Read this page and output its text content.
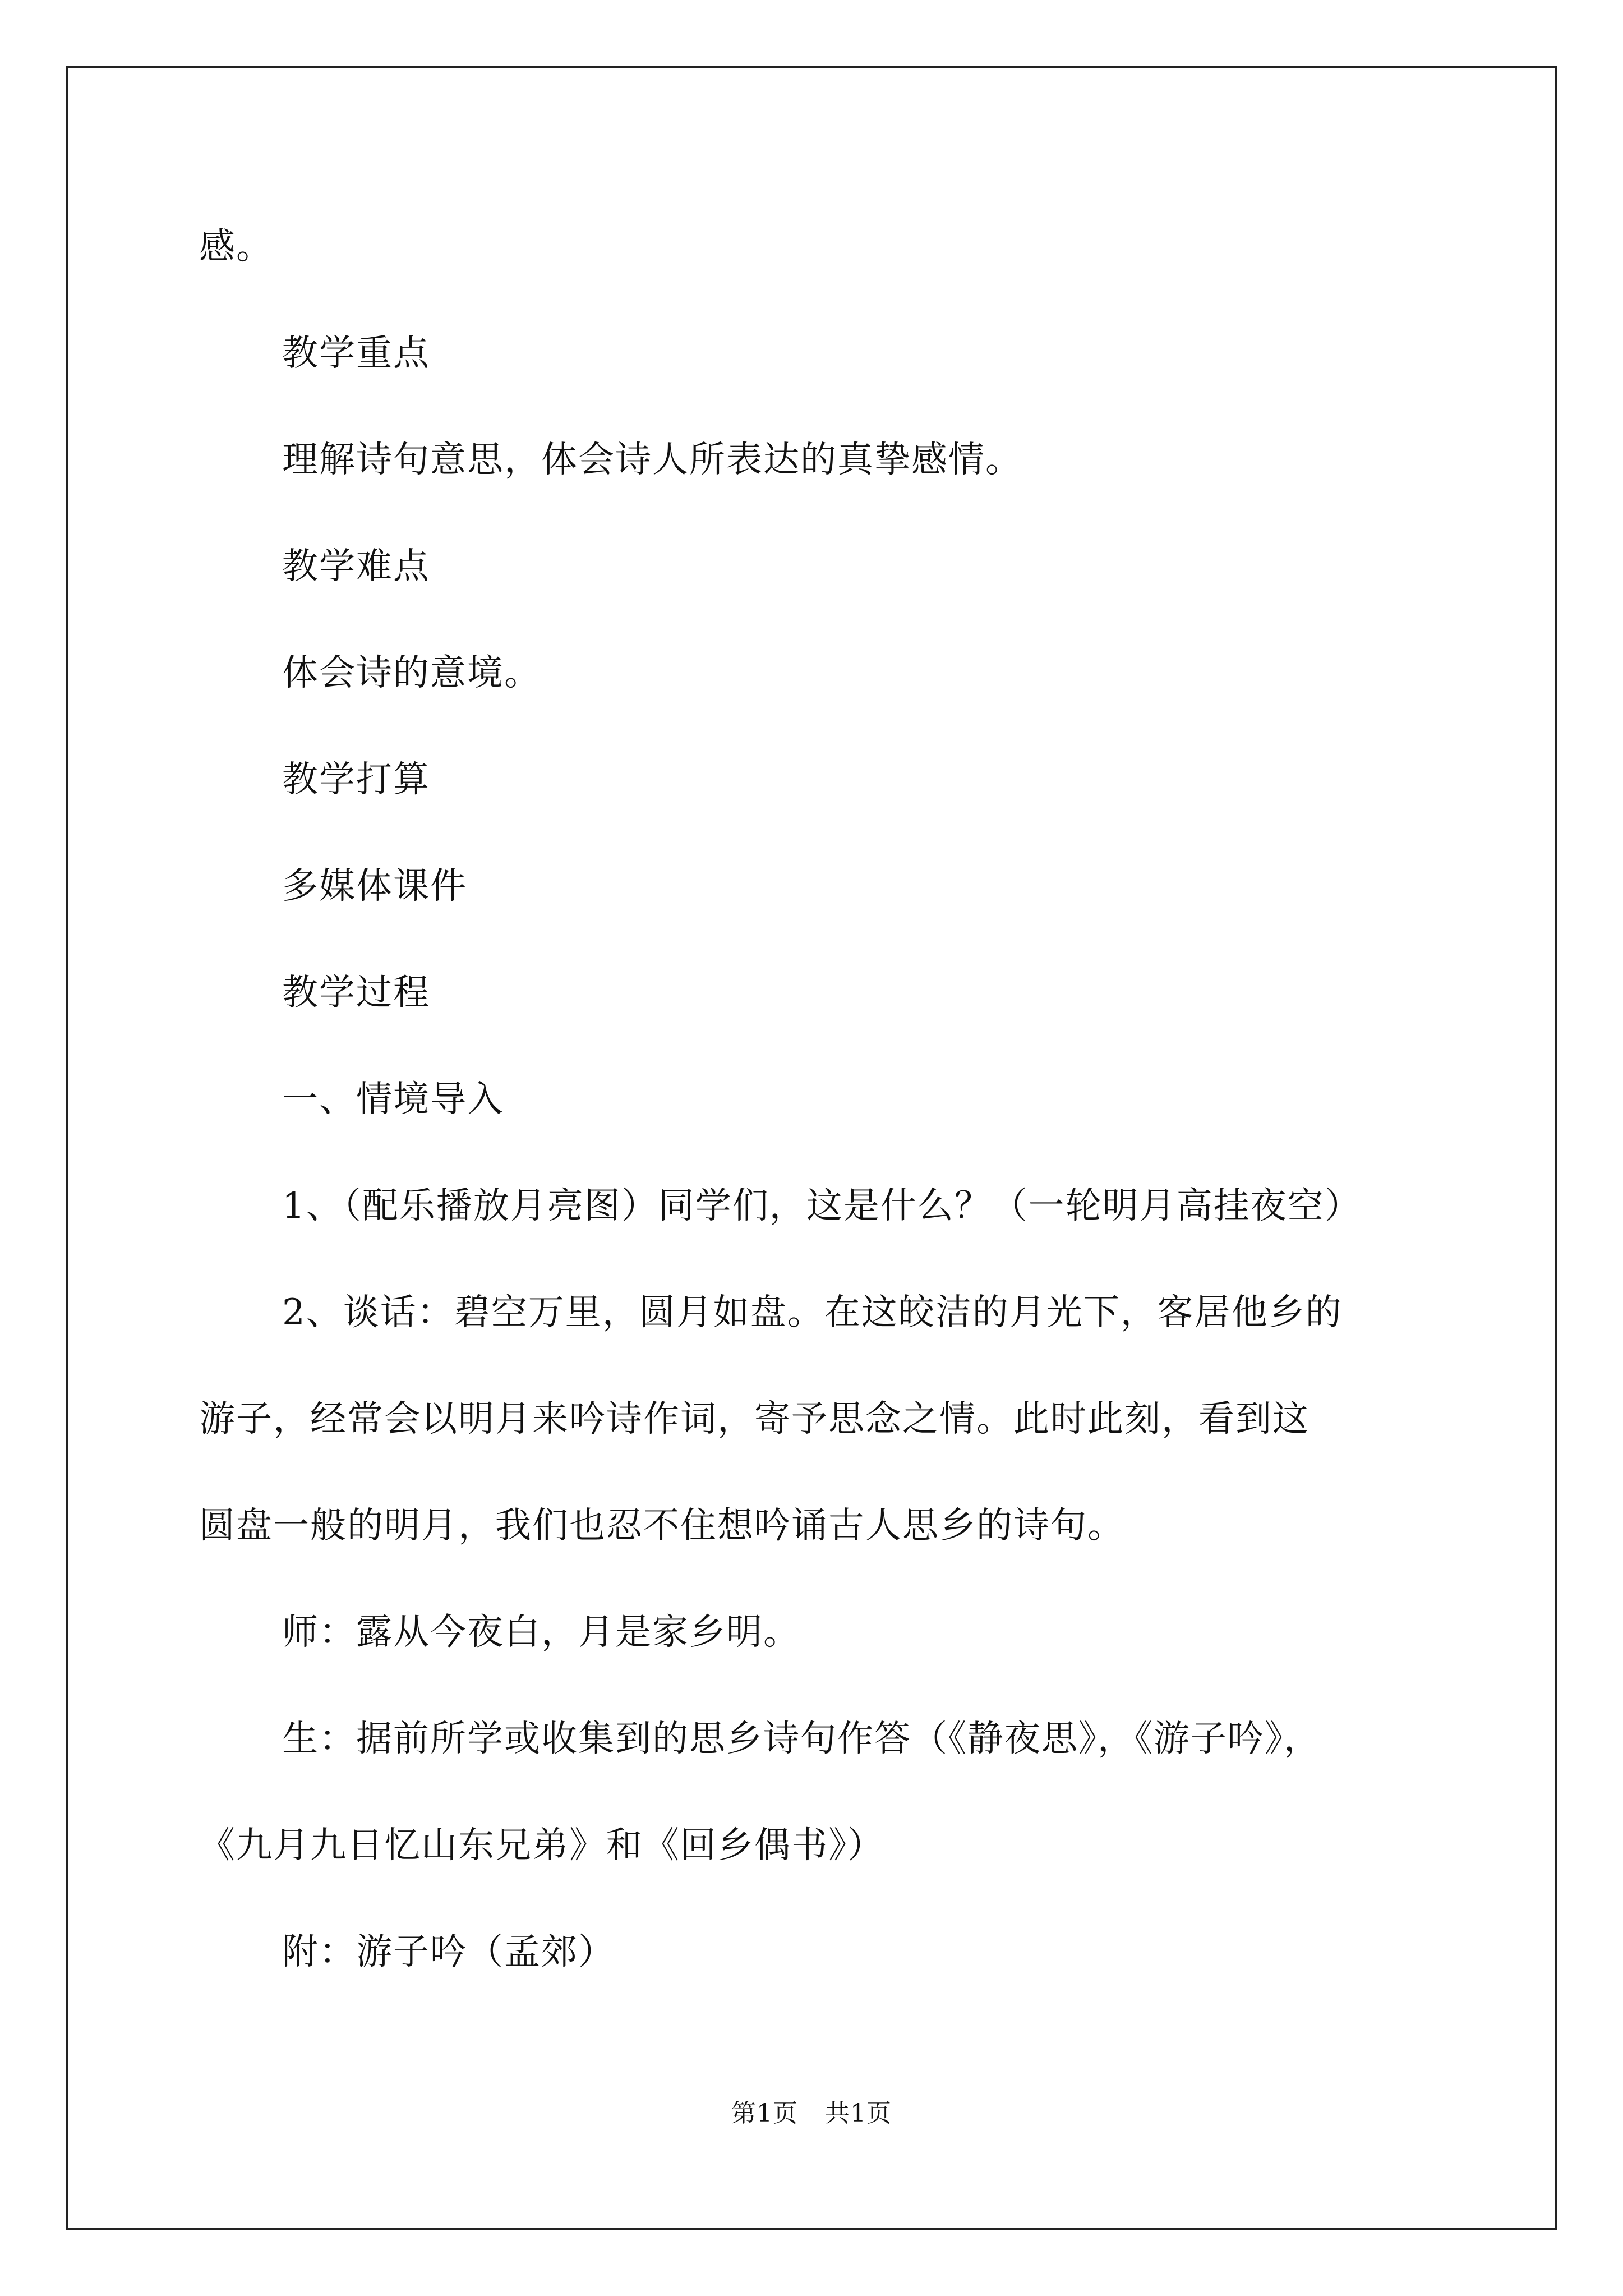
感。
教学重点
理解诗句意思，体会诗人所表达的真挚感情。
教学难点
体会诗的意境。
教学打算
多媒体课件
教学过程
一、情境导入
1、（配乐播放月亮图）同学们，这是什么？（一轮明月高挂夜空）
2、谈话：碧空万里，圆月如盘。在这皎洁的月光下，客居他乡的
游子，经常会以明月来吟诗作词，寄予思念之情。此时此刻，看到这
圆盘一般的明月，我们也忍不住想吟诵古人思乡的诗句。
师：露从今夜白，月是家乡明。
生：据前所学或收集到的思乡诗句作答（《静夜思》，《游子吟》，
《九月九日忆山东兄弟》和《回乡偶书》）
附：游子吟（孟郊）
第1页 共1页
